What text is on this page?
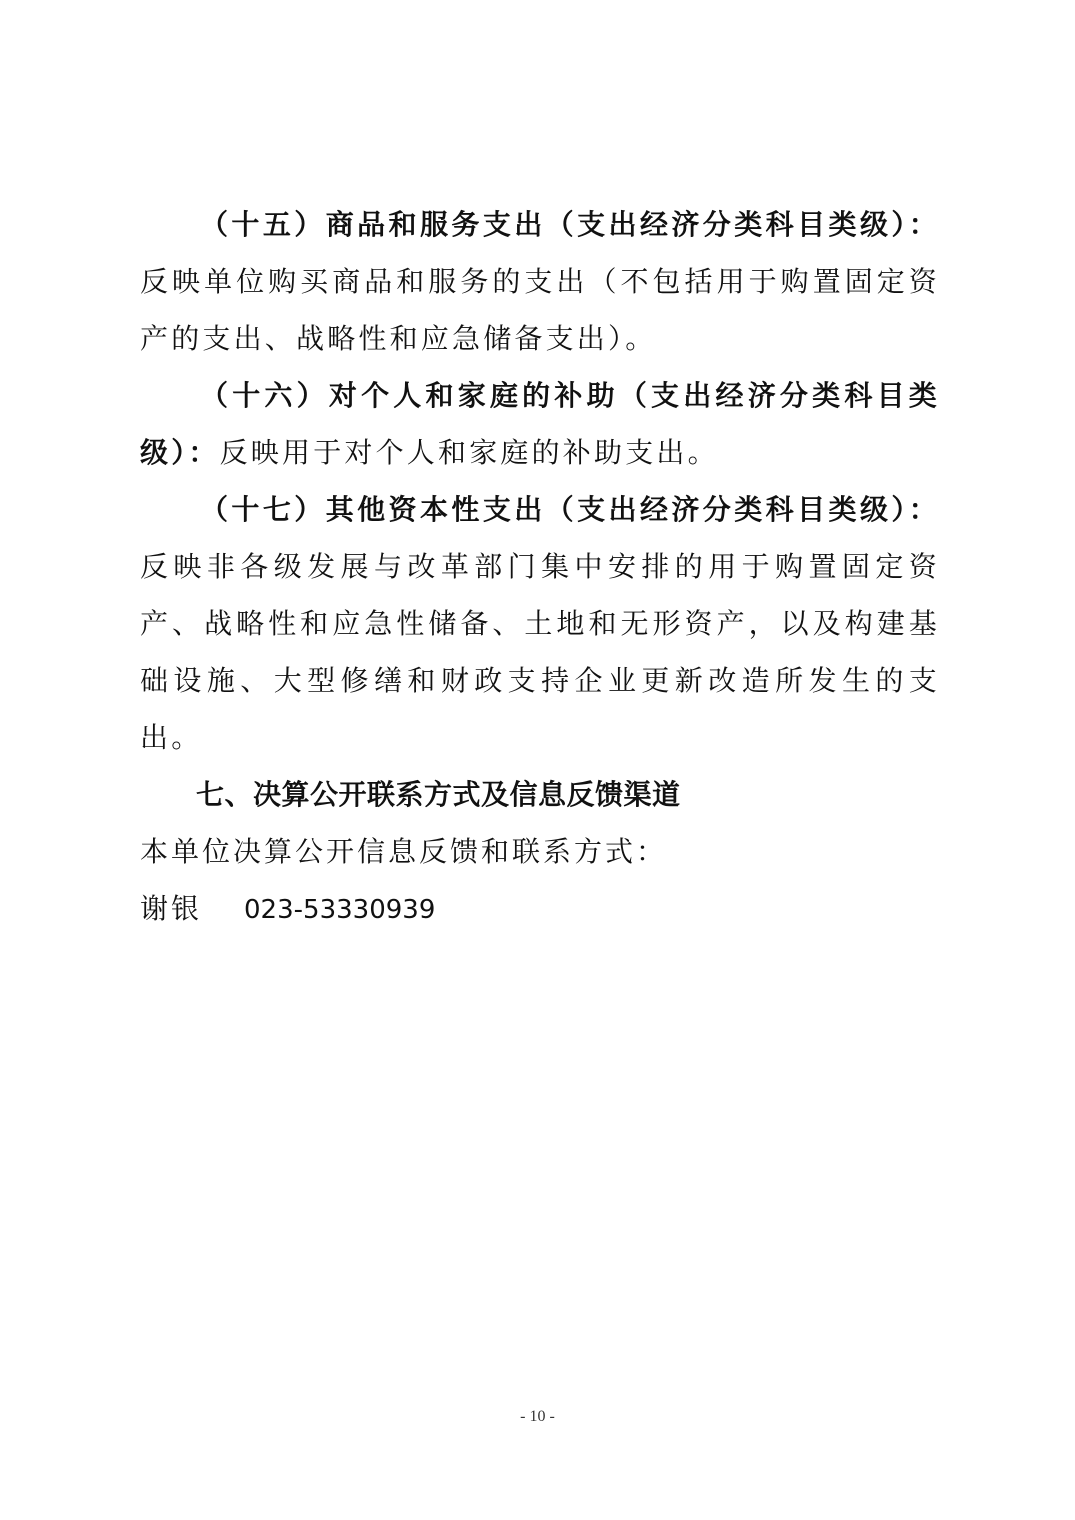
（十五）商品和服务支出（支出经济分类科目类级）：反映单位购买商品和服务的支出（不包括用于购置固定资产的支出、战略性和应急储备支出）。

（十六）对个人和家庭的补助（支出经济分类科目类级）：反映用于对个人和家庭的补助支出。

（十七）其他资本性支出（支出经济分类科目类级）：反映非各级发展与改革部门集中安排的用于购置固定资产、战略性和应急性储备、土地和无形资产，以及构建基础设施、大型修缮和财政支持企业更新改造所发生的支出。

七、决算公开联系方式及信息反馈渠道

本单位决算公开信息反馈和联系方式：

谢银 023-53330939

- 10 -
